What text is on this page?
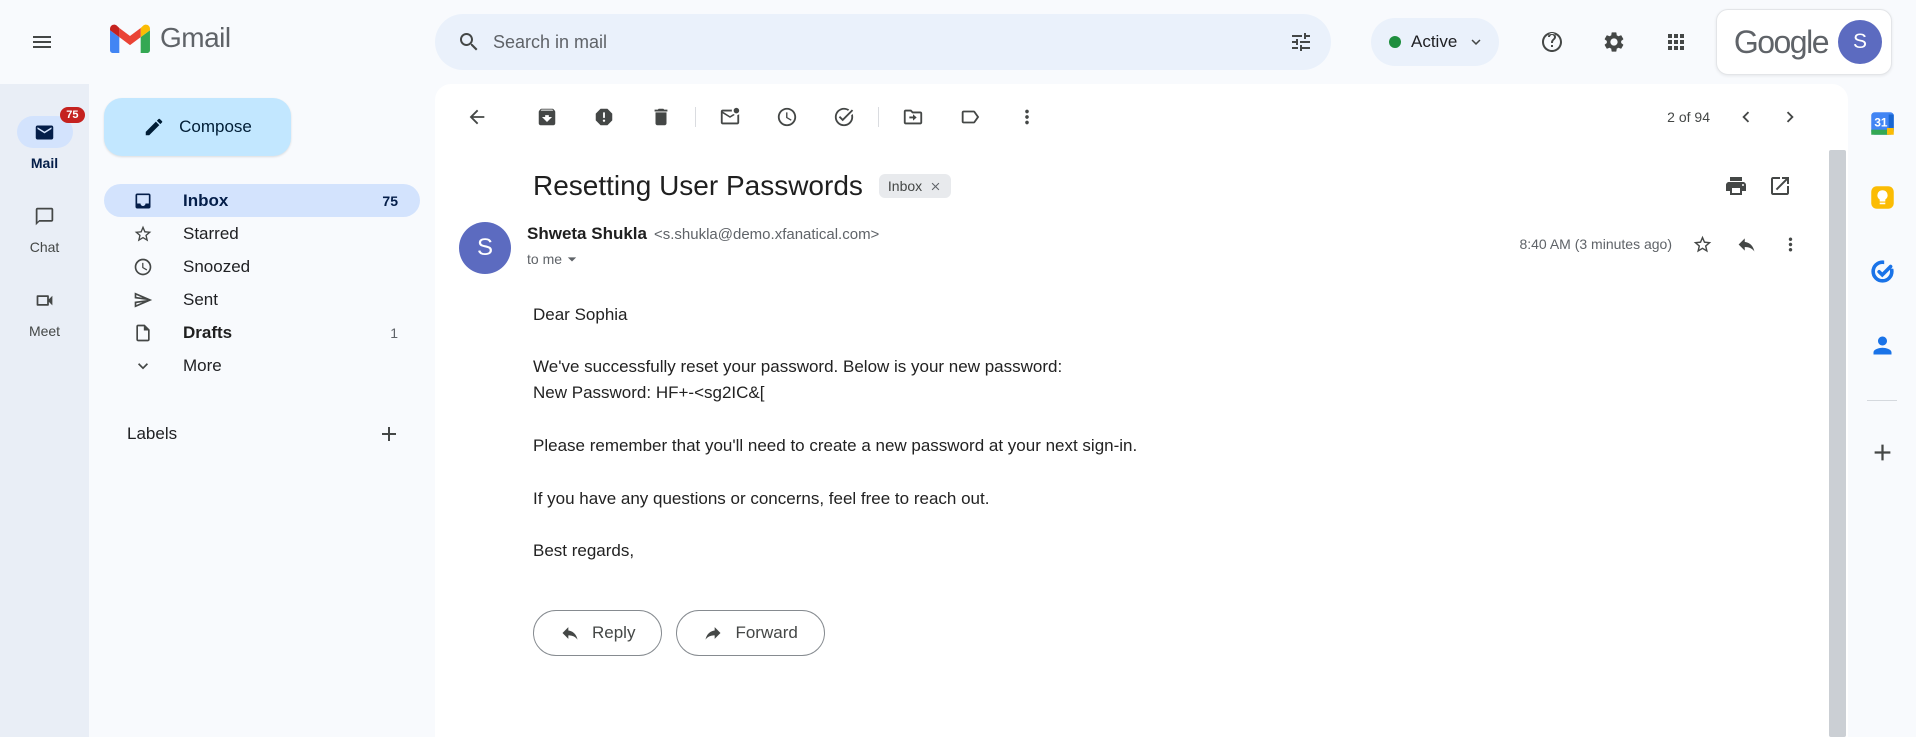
Gmail
Search in mail	Active	Google	S
75
Mail
Chat
Meet
Compose
Inbox	75
Starred
Snoozed
Sent
Drafts	1
More
Labels
2 of 94
Resetting User Passwords Inbox
S
Shweta Shukla <s.shukla@demo.xfanatical.com>
to me
8:40 AM (3 minutes ago)

Dear Sophia

We've successfully reset your password. Below is your new password:

New Password: HF+-<sg2IC&[

Please remember that you'll need to create a new password at your next sign-in.

If you have any questions or concerns, feel free to reach out.

Best regards,

Reply	Forward
31
